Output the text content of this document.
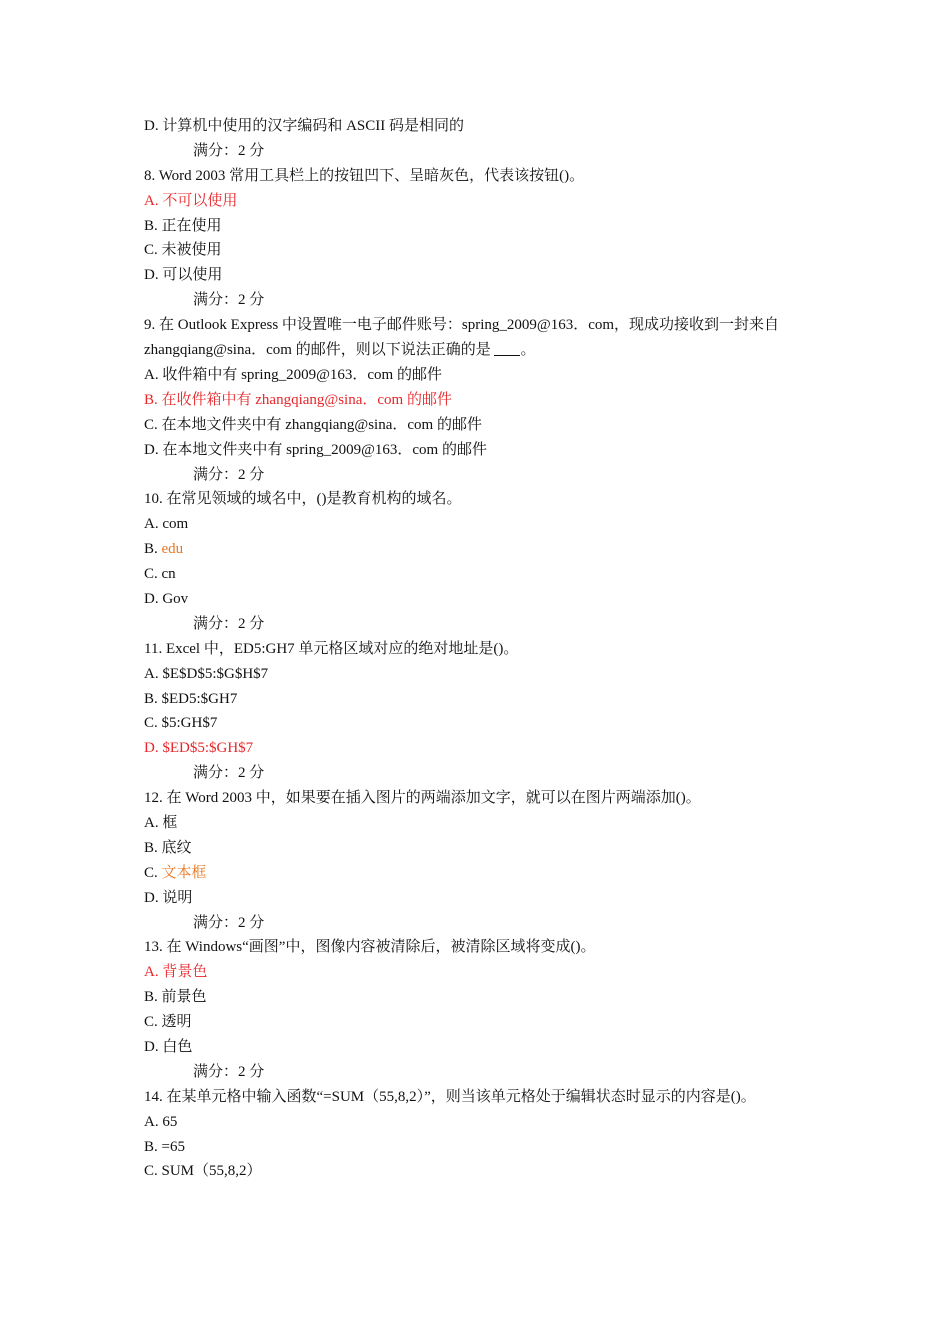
D. 计算机中使用的汉字编码和 ASCII 码是相同的
满分：2 分
8. Word 2003 常用工具栏上的按钮凹下、呈暗灰色，代表该按钮()。
A. 不可以使用
B. 正在使用
C. 未被使用
D. 可以使用
满分：2 分
9. 在 Outlook Express 中设置唯一电子邮件账号：spring_2009@163．com，现成功接收到一封来自 zhangqiang@sina．com 的邮件，则以下说法正确的是 。
A. 收件箱中有 spring_2009@163．com 的邮件
B. 在收件箱中有 zhangqiang@sina．com 的邮件
C. 在本地文件夹中有 zhangqiang@sina．com 的邮件
D. 在本地文件夹中有 spring_2009@163．com 的邮件
满分：2 分
10. 在常见领域的域名中，()是教育机构的域名。
A. com
B. edu
C. cn
D. Gov
满分：2 分
11. Excel 中，ED5:GH7 单元格区域对应的绝对地址是()。
A. $E$D$5:$G$H$7
B. $ED5:$GH7
C. $5:GH$7
D. $ED$5:$GH$7
满分：2 分
12. 在 Word 2003 中，如果要在插入图片的两端添加文字，就可以在图片两端添加()。
A. 框
B. 底纹
C. 文本框
D. 说明
满分：2 分
13. 在 Windows“画图”中，图像内容被清除后，被清除区域将变成()。
A. 背景色
B. 前景色
C. 透明
D. 白色
满分：2 分
14. 在某单元格中输入函数“=SUM（55,8,2）”，则当该单元格处于编辑状态时显示的内容是()。
A. 65
B. =65
C. SUM（55,8,2）
